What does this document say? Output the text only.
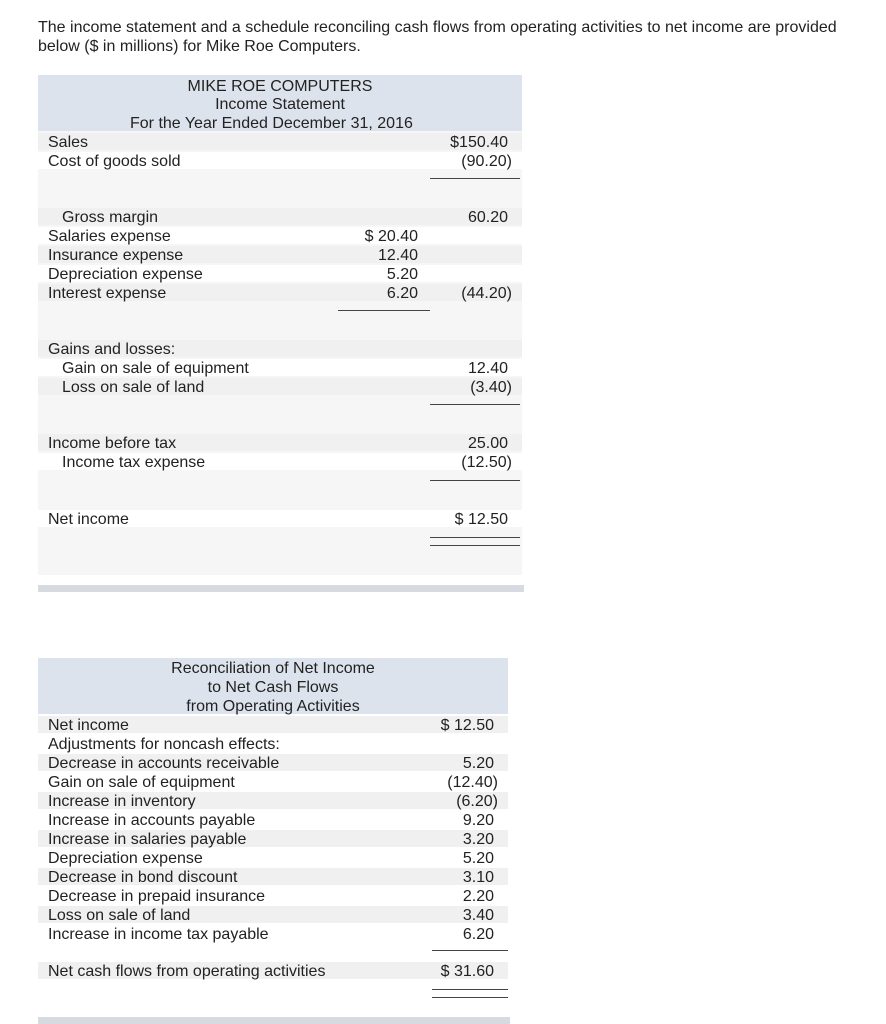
The income statement and a schedule reconciling cash flows from operating activities to net income are provided below ($ in millions) for Mike Roe Computers.

MIKE ROE COMPUTERS
Income Statement
For the Year Ended December 31, 2016
Sales	$150.40
Cost of goods sold	(90.20)
Gross margin	60.20
Salaries expense	$ 20.40
Insurance expense	12.40
Depreciation expense	5.20
Interest expense	6.20	(44.20)
Gains and losses:
Gain on sale of equipment	12.40
Loss on sale of land	(3.40)
Income before tax	25.00
Income tax expense	(12.50)
Net income	$ 12.50
Reconciliation of Net Income
to Net Cash Flows
from Operating Activities
Net income	$ 12.50
Adjustments for noncash effects:
Decrease in accounts receivable	5.20
Gain on sale of equipment	(12.40)
Increase in inventory	(6.20)
Increase in accounts payable	9.20
Increase in salaries payable	3.20
Depreciation expense	5.20
Decrease in bond discount	3.10
Decrease in prepaid insurance	2.20
Loss on sale of land	3.40
Increase in income tax payable	6.20
Net cash flows from operating activities	$ 31.60
